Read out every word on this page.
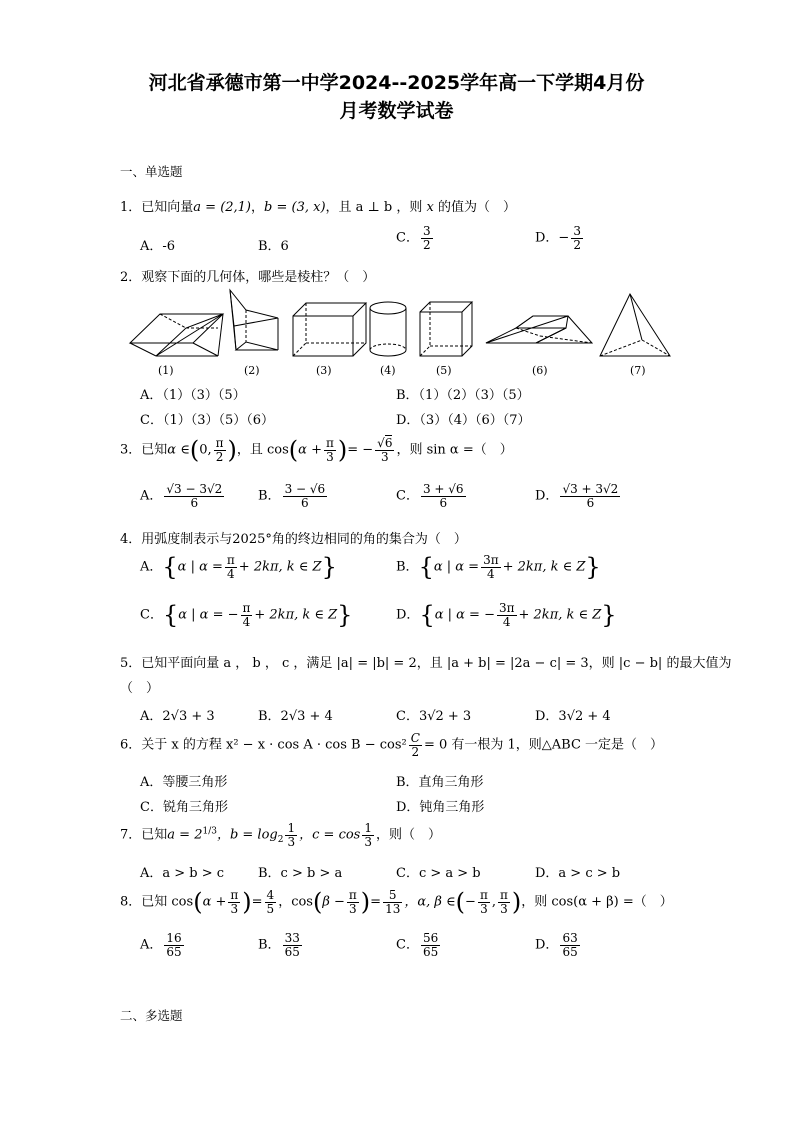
河北省承德市第一中学2024--2025学年高一下学期4月份
月考数学试卷
一、单选题
1．已知向量a = (2,1)，b = (3, x)，且 a ⊥ b ，则 x 的值为（　）
A．-6	B．6
C． $\frac{3}{2}$	D．− $\frac{3}{2}$
2．观察下面的几何体，哪些是棱柱？（　）
(1)	(2)	(3)	(4)	(5)	(6)	(7)
A．（1）（3）（5）	B．（1）（2）（3）（5）
C．（1）（3）（5）（6）	D．（3）（4）（6）（7）
3．已知α ∈(0, $\frac{\pi}{2}$ )，且 $\cos(\alpha + \frac{\pi}{3}$ )= − $\frac{√6}{3}$ ，则 sin α =（　）
A． $\frac{√3 - 3√2}{6}$	B． $\frac{3 - √6}{6}$	C． $\frac{3 + √6}{6}$	D． $\frac{√3 + 3√2}{6}$
4．用弧度制表示与2025°角的终边相同的角的集合为（　）
A．{α | $\alpha = \frac{\pi}{4} + 2k\pi$, k ∈ Z}	B．{α | $\alpha = \frac{3\pi}{4} + 2k\pi$, k ∈ Z}
C．{α | α = − $\frac{\pi}{4} + 2k\pi$, k ∈ Z}	D．{α | α = − $\frac{3\pi}{4} + 2k\pi$, k ∈ Z}
5．已知平面向量 a ， b ， c ，满足 |a| = |b| = 2，且 |a + b| = |2a − c| = 3，则 |c − b| 的最大值为
（　）
A．2√3 + 3	B．2√3 + 4	C．3√2 + 3	D．3√2 + 4
6．关于 x 的方程 $x^2 - x \cdot \cos A \cdot \cos B - \cos^2 \frac{C}{2} = 0$ 有一根为 1，则△ABC 一定是（　）
A．等腰三角形	B．直角三角形
C．锐角三角形	D．钝角三角形
7．已知$a = 2^{1/3}$，$b = \log_2 \frac{1}{3}$ ，$c = \cos \frac{1}{3}$ ，则（　）
A．a > b > c	B．c > b > a	C．c > a > b	D．a > c > b
8．已知 $\cos(\alpha + \frac{\pi}{3}$ )= $\frac{4}{5}$ ，$\cos(\beta - \frac{\pi}{3}$ )= $\frac{5}{13}$ ，α, β ∈(− $\frac{\pi}{3}$ , $\frac{\pi}{3}$ )，则 cos(α + β) =（　）
A． $\frac{16}{65}$	B． $\frac{33}{65}$	C． $\frac{56}{65}$	D． $\frac{63}{65}$
二、多选题
